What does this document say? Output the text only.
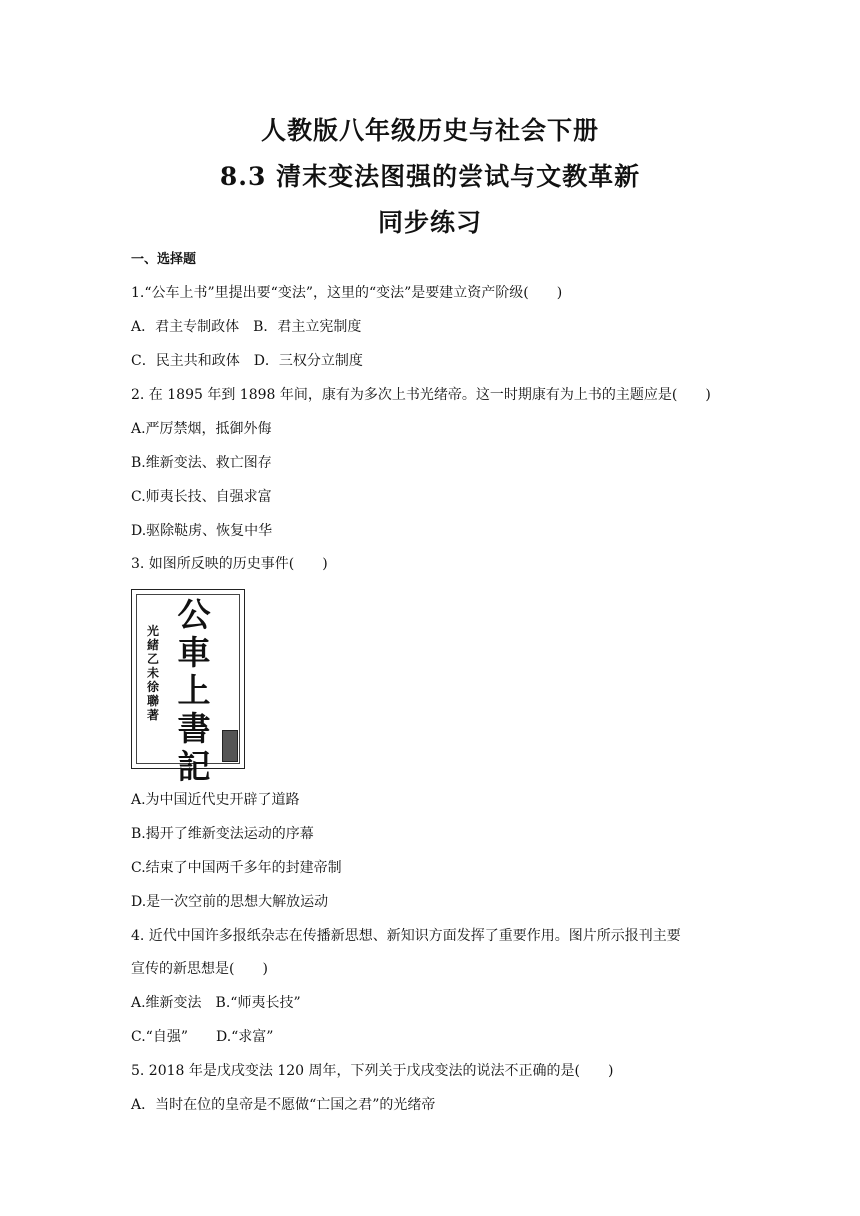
人教版八年级历史与社会下册
8.3 清末变法图强的尝试与文教革新
同步练习

一、选择题

1.“公车上书”里提出要“变法”，这里的“变法”是要建立资产阶级(　　)

A．君主专制政体　B．君主立宪制度

C．民主共和政体　D．三权分立制度

2. 在 1895 年到 1898 年间，康有为多次上书光绪帝。这一时期康有为上书的主题应是(　　)

A.严厉禁烟，抵御外侮

B.维新变法、救亡图存

C.师夷长技、自强求富

D.驱除鞑虏、恢复中华

3. 如图所反映的历史事件(　　)

公
車
上
書
記
光
緒
乙
未
徐
聯
著

A.为中国近代史开辟了道路

B.揭开了维新变法运动的序幕

C.结束了中国两千多年的封建帝制

D.是一次空前的思想大解放运动

4. 近代中国许多报纸杂志在传播新思想、新知识方面发挥了重要作用。图片所示报刊主要

宣传的新思想是(　　)

A.维新变法　B.“师夷长技”

C.“自强”　　D.“求富”

5. 2018 年是戊戌变法 120 周年，下列关于戊戌变法的说法不正确的是(　　)

A．当时在位的皇帝是不愿做“亡国之君”的光绪帝
